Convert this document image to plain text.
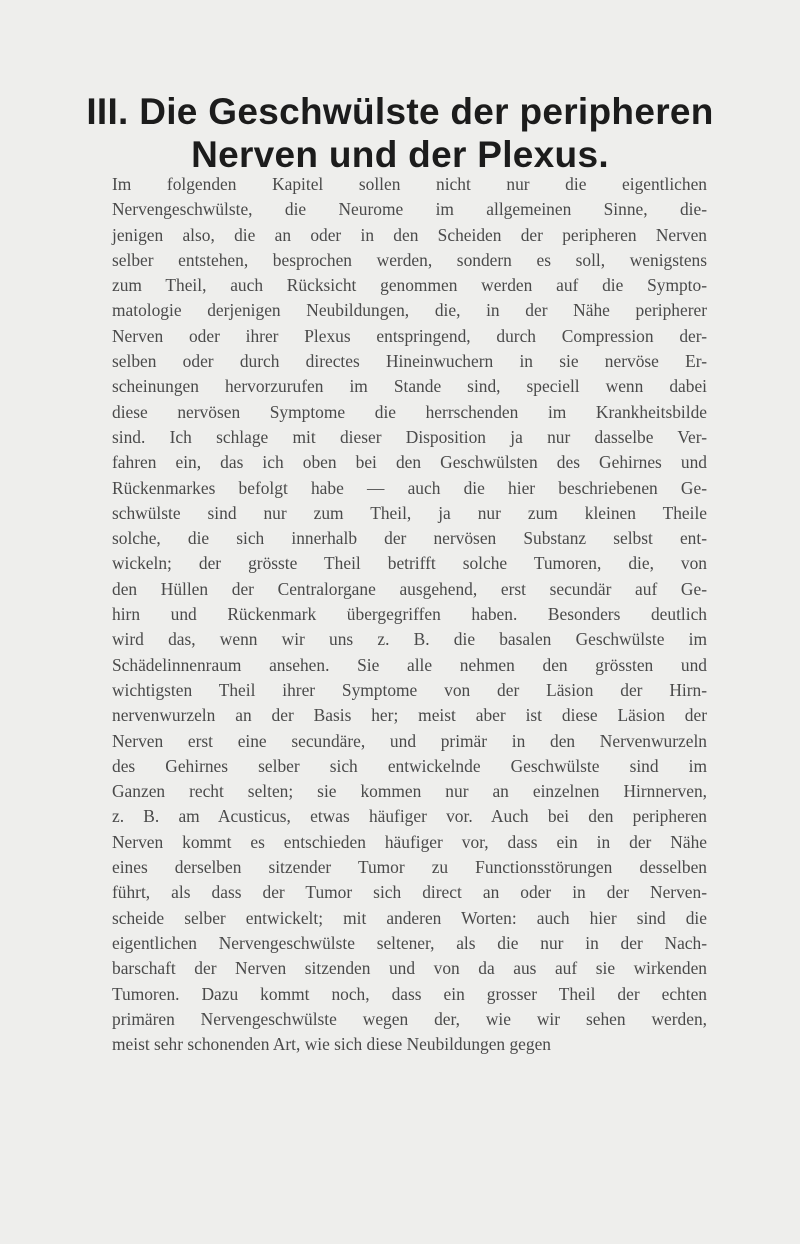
III. Die Geschwülste der peripheren
Nerven und der Plexus.
Im folgenden Kapitel sollen nicht nur die eigentlichen
Nervengeschwülste, die Neurome im allgemeinen Sinne, die-
jenigen also, die an oder in den Scheiden der peripheren Nerven
selber entstehen, besprochen werden, sondern es soll, wenigstens
zum Theil, auch Rücksicht genommen werden auf die Sympto-
matologie derjenigen Neubildungen, die, in der Nähe peripherer
Nerven oder ihrer Plexus entspringend, durch Compression der-
selben oder durch directes Hineinwuchern in sie nervöse Er-
scheinungen hervorzurufen im Stande sind, speciell wenn dabei
diese nervösen Symptome die herrschenden im Krankheitsbilde
sind. Ich schlage mit dieser Disposition ja nur dasselbe Ver-
fahren ein, das ich oben bei den Geschwülsten des Gehirnes und
Rückenmarkes befolgt habe — auch die hier beschriebenen Ge-
schwülste sind nur zum Theil, ja nur zum kleinen Theile
solche, die sich innerhalb der nervösen Substanz selbst ent-
wickeln; der grösste Theil betrifft solche Tumoren, die, von
den Hüllen der Centralorgane ausgehend, erst secundär auf Ge-
hirn und Rückenmark übergegriffen haben. Besonders deutlich
wird das, wenn wir uns z. B. die basalen Geschwülste im
Schädelinnenraum ansehen. Sie alle nehmen den grössten und
wichtigsten Theil ihrer Symptome von der Läsion der Hirn-
nervenwurzeln an der Basis her; meist aber ist diese Läsion der
Nerven erst eine secundäre, und primär in den Nervenwurzeln
des Gehirnes selber sich entwickelnde Geschwülste sind im
Ganzen recht selten; sie kommen nur an einzelnen Hirnnerven,
z. B. am Acusticus, etwas häufiger vor. Auch bei den peripheren
Nerven kommt es entschieden häufiger vor, dass ein in der Nähe
eines derselben sitzender Tumor zu Functionsstörungen desselben
führt, als dass der Tumor sich direct an oder in der Nerven-
scheide selber entwickelt; mit anderen Worten: auch hier sind die
eigentlichen Nervengeschwülste seltener, als die nur in der Nach-
barschaft der Nerven sitzenden und von da aus auf sie wirkenden
Tumoren. Dazu kommt noch, dass ein grosser Theil der echten
primären Nervengeschwülste wegen der, wie wir sehen werden,
meist sehr schonenden Art, wie sich diese Neubildungen gegen
